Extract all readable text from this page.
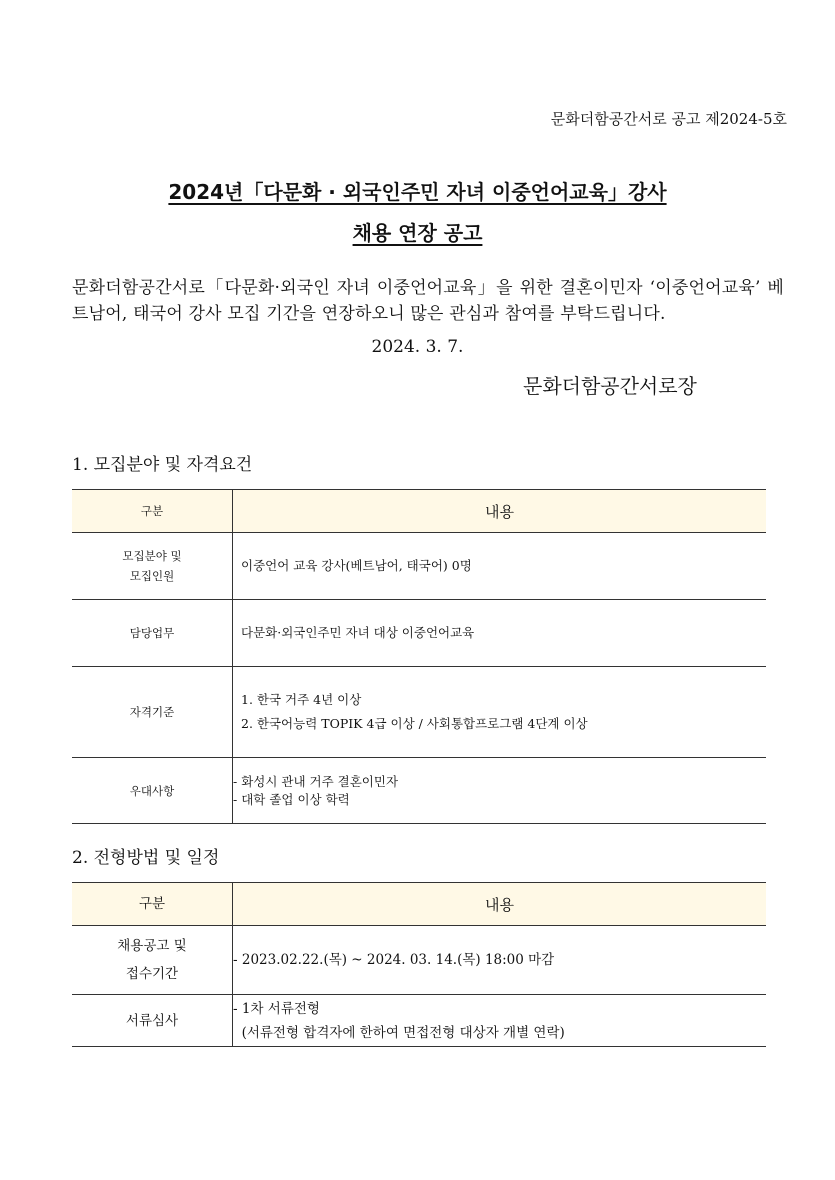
문화더함공간서로 공고 제2024-5호
2024년「다문화 · 외국인주민 자녀 이중언어교육」강사
채용 연장 공고
문화더함공간서로「다문화·외국인 자녀 이중언어교육」을 위한 결혼이민자 ‘이중언어교육’ 베트남어, 태국어 강사 모집 기간을 연장하오니 많은 관심과 참여를 부탁드립니다.
2024. 3. 7.
문화더함공간서로장
1. 모집분야 및 자격요건
구분	내용

모집분야 및
모집인원	이중언어 교육 강사(베트남어, 태국어) 0명

담당업무	다문화·외국인주민 자녀 대상 이중언어교육

자격기준	1. 한국 거주 4년 이상
2. 한국어능력 TOPIK 4급 이상 / 사회통합프로그램 4단계 이상

우대사항	- 화성시 관내 거주 결혼이민자
- 대학 졸업 이상 학력
2. 전형방법 및 일정
구분	내용

채용공고 및
접수기간	- 2023.02.22.(목) ~ 2024. 03. 14.(목) 18:00 마감

서류심사	- 1차 서류전형
(서류전형 합격자에 한하여 면접전형 대상자 개별 연락)
